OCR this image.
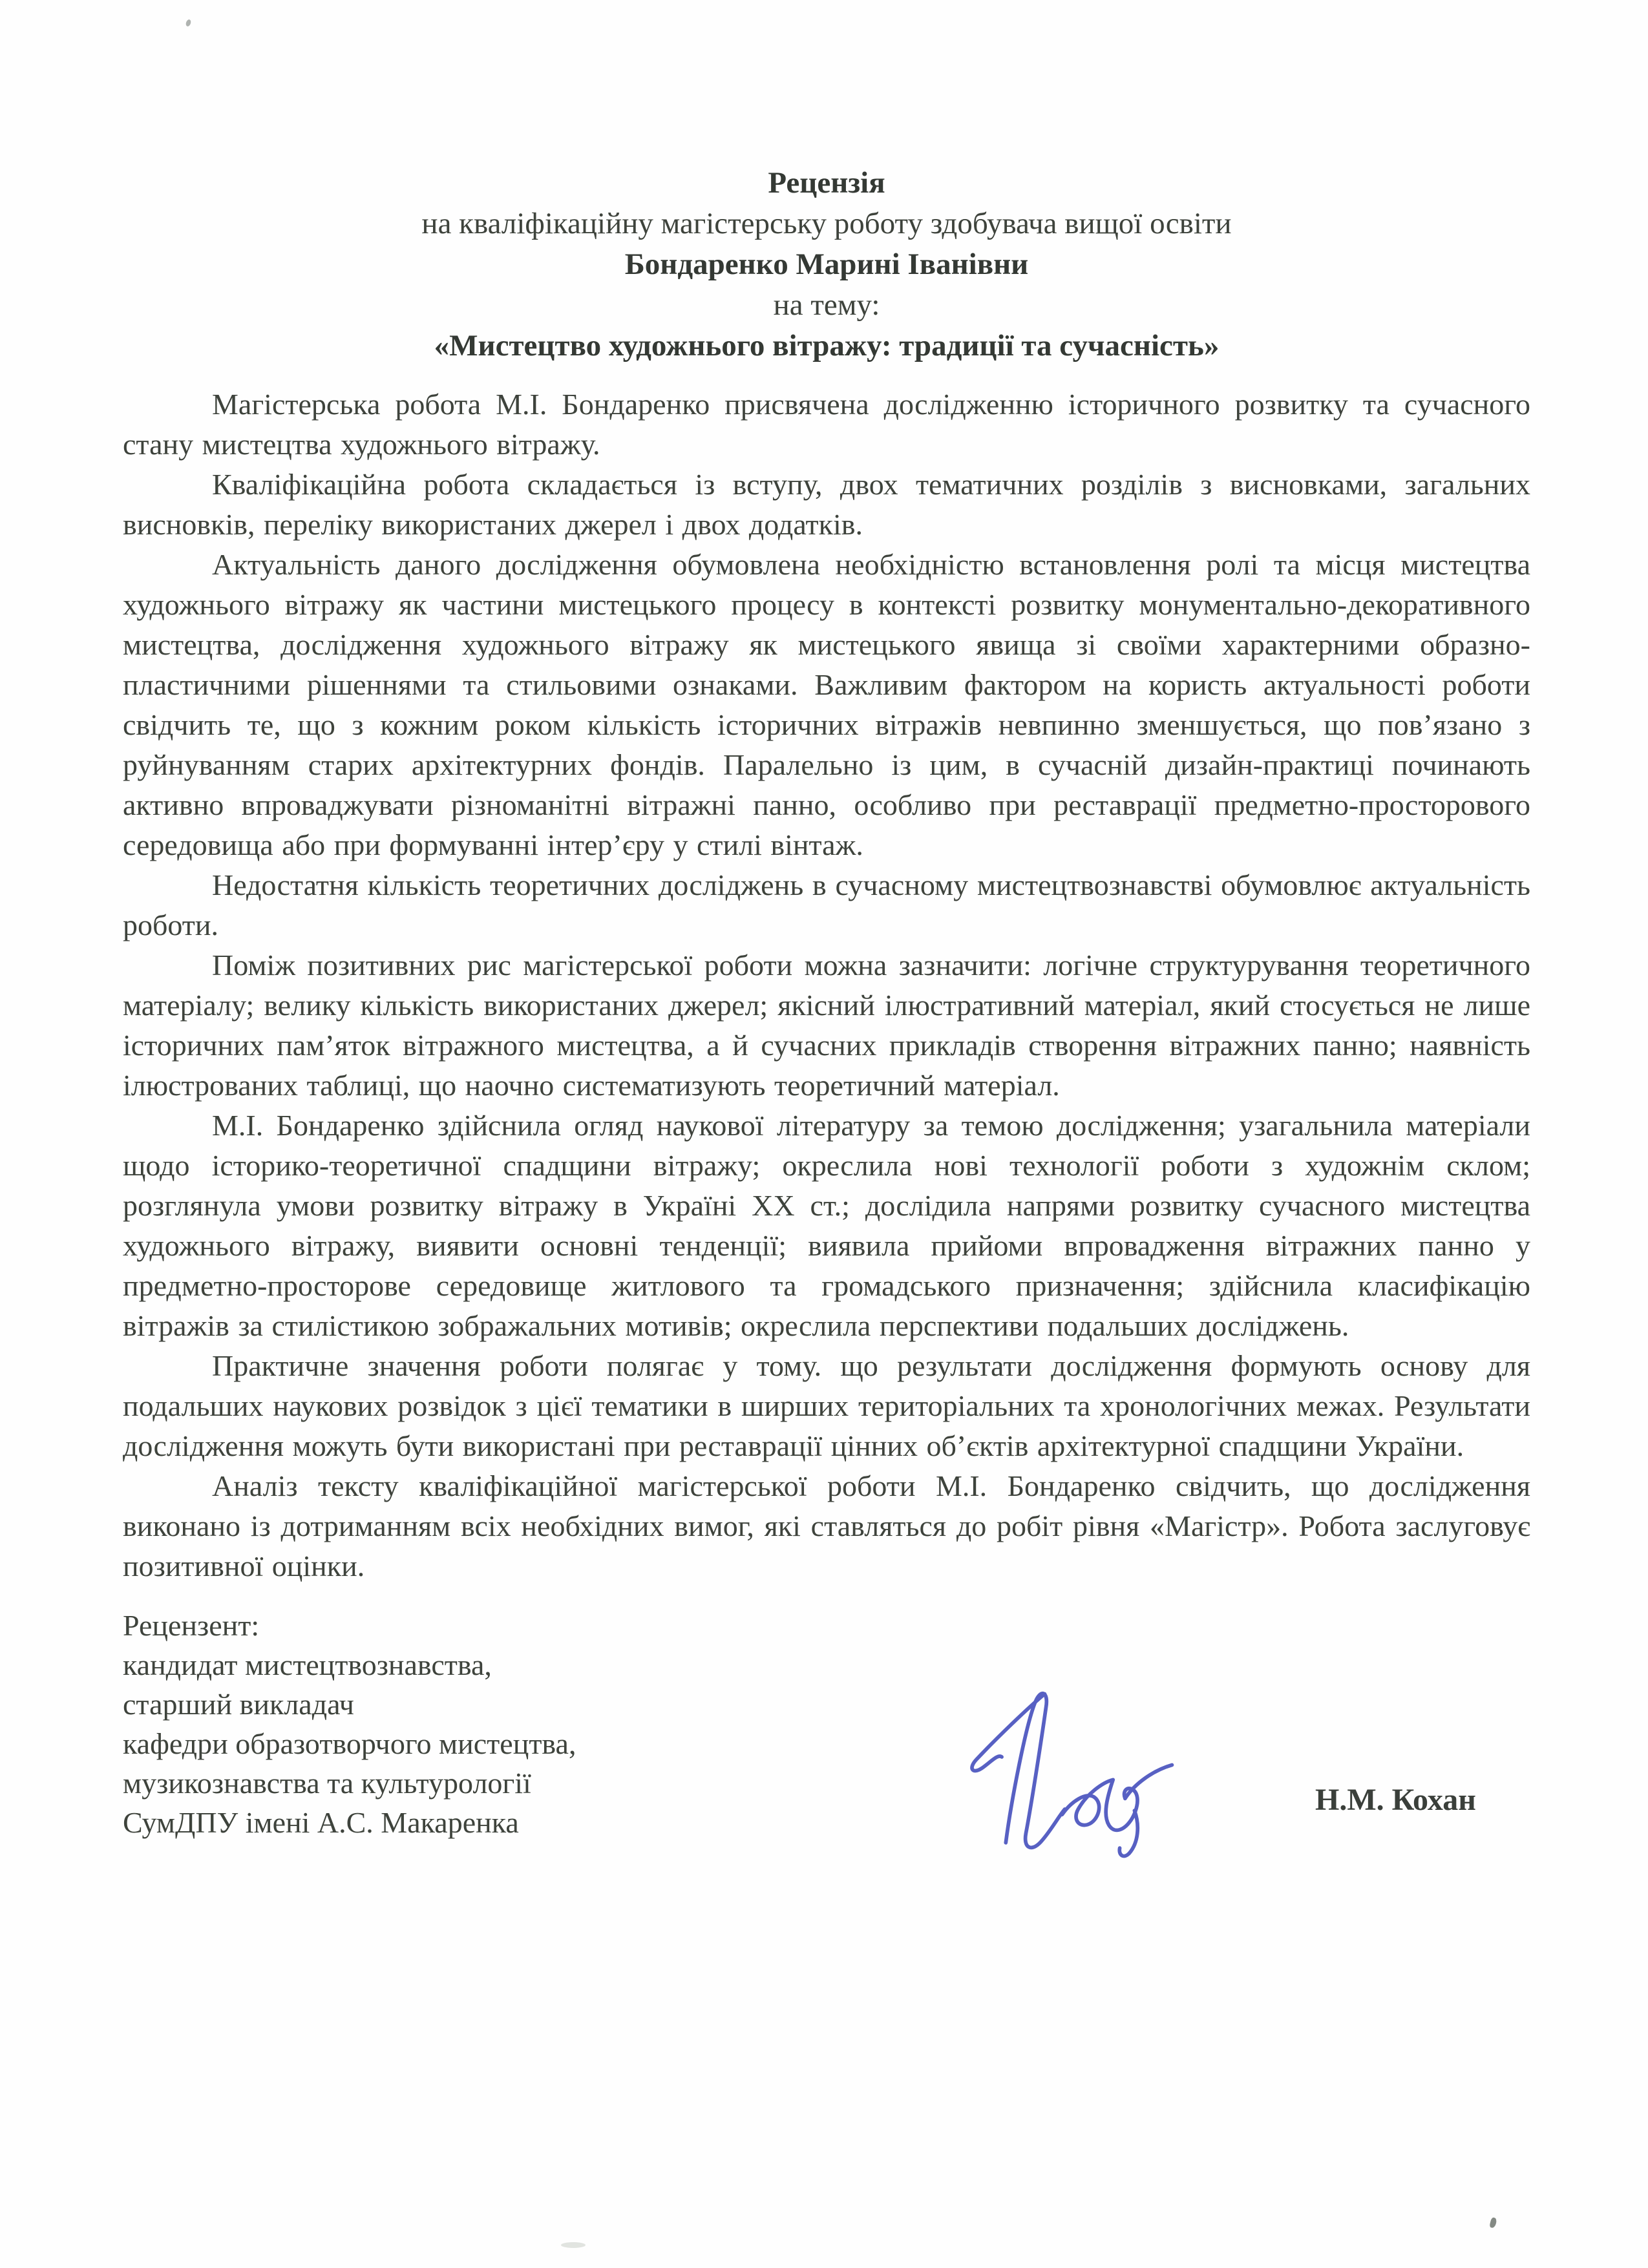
Рецензія
на кваліфікаційну магістерську роботу здобувача вищої освіти
Бондаренко Марині Іванівни
на тему:
«Мистецтво художнього вітражу: традиції та сучасність»

Магістерська робота М.І. Бондаренко присвячена дослідженню історичного розвитку та сучасного стану мистецтва художнього вітражу.

Кваліфікаційна робота складається із вступу, двох тематичних розділів з висновками, загальних висновків, переліку використаних джерел і двох додатків.

Актуальність даного дослідження обумовлена необхідністю встановлення ролі та місця мистецтва художнього вітражу як частини мистецького процесу в контексті розвитку монументально-декоративного мистецтва, дослідження художнього вітражу як мистецького явища зі своїми характерними образно-пластичними рішеннями та стильовими ознаками. Важливим фактором на користь актуальності роботи свідчить те, що з кожним роком кількість історичних вітражів невпинно зменшується, що пов’язано з руйнуванням старих архітектурних фондів. Паралельно із цим, в сучасній дизайн-практиці починають активно впроваджувати різноманітні вітражні панно, особливо при реставрації предметно-просторового середовища або при формуванні інтер’єру у стилі вінтаж.

Недостатня кількість теоретичних досліджень в сучасному мистецтвознавстві обумовлює актуальність роботи.

Поміж позитивних рис магістерської роботи можна зазначити: логічне структурування теоретичного матеріалу; велику кількість використаних джерел; якісний ілюстративний матеріал, який стосується не лише історичних пам’яток вітражного мистецтва, а й сучасних прикладів створення вітражних панно; наявність ілюстрованих таблиці, що наочно систематизують теоретичний матеріал.

М.І. Бондаренко здійснила огляд наукової літературу за темою дослідження; узагальнила матеріали щодо історико-теоретичної спадщини вітражу; окреслила нові технології роботи з художнім склом; розглянула умови розвитку вітражу в Україні ХХ ст.; дослідила напрями розвитку сучасного мистецтва художнього вітражу, виявити основні тенденції; виявила прийоми впровадження вітражних панно у предметно-просторове середовище житлового та громадського призначення; здійснила класифікацію вітражів за стилістикою зображальних мотивів; окреслила перспективи подальших досліджень.

Практичне значення роботи полягає у тому. що результати дослідження формують основу для подальших наукових розвідок з цієї тематики в ширших територіальних та хронологічних межах. Результати дослідження можуть бути використані при реставрації цінних об’єктів архітектурної спадщини України.

Аналіз тексту кваліфікаційної магістерської роботи М.І. Бондаренко свідчить, що дослідження виконано із дотриманням всіх необхідних вимог, які ставляться до робіт рівня «Магістр». Робота заслуговує позитивної оцінки.

Рецензент:
кандидат мистецтвознавства,
старший викладач
кафедри образотворчого мистецтва,
музикознавства та культурології
СумДПУ імені А.С. Макаренка
Н.М. Кохан
